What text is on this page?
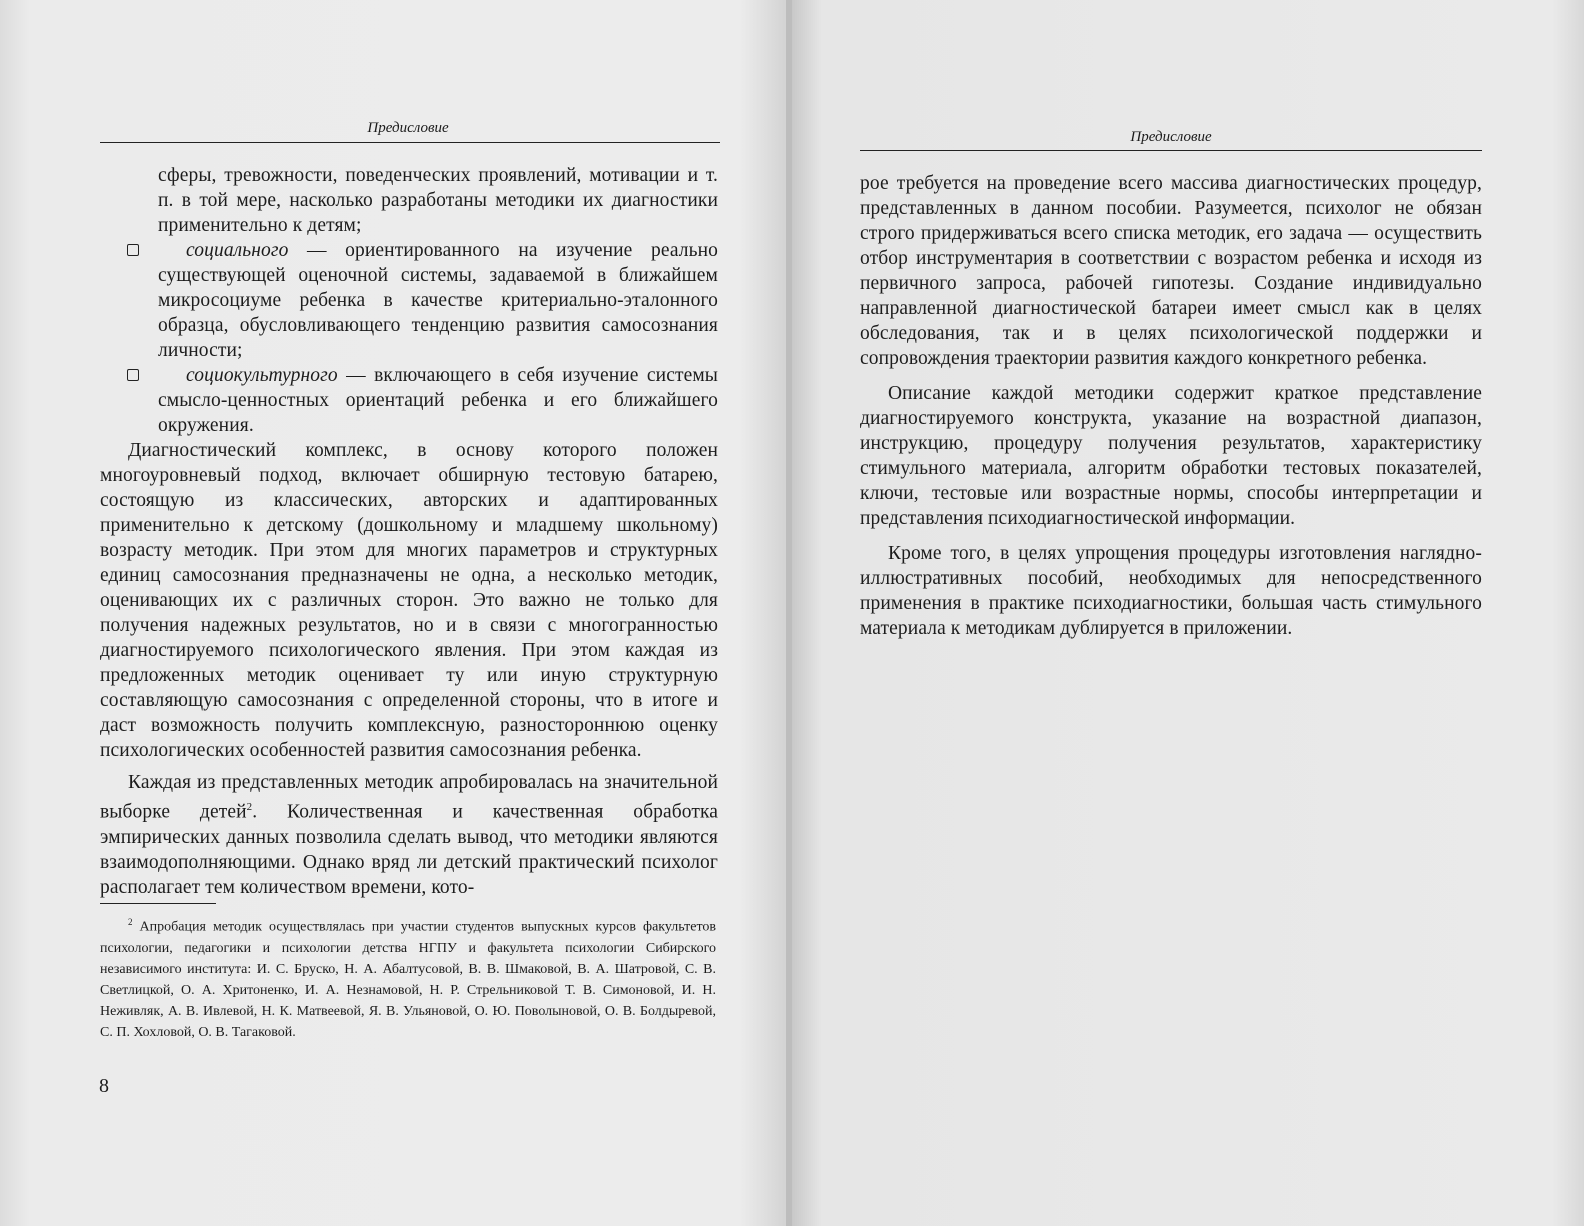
Предисловие

сферы, тревожности, поведенческих проявлений, мотивации и т. п. в той мере, насколько разработаны методики их диагностики применительно к детям;

социального — ориентированного на изучение реально существующей оценочной системы, задаваемой в ближайшем микросоциуме ребенка в качестве критериально-эталонного образца, обусловливающего тенденцию развития самосознания личности;

социокультурного — включающего в себя изучение системы смысло-ценностных ориентаций ребенка и его ближайшего окружения.

Диагностический комплекс, в основу которого положен многоуровневый подход, включает обширную тестовую батарею, состоящую из классических, авторских и адаптированных применительно к детскому (дошкольному и младшему школьному) возрасту методик. При этом для многих параметров и структурных единиц самосознания предназначены не одна, а несколько методик, оценивающих их с различных сторон. Это важно не только для получения надежных результатов, но и в связи с многогранностью диагностируемого психологического явления. При этом каждая из предложенных методик оценивает ту или иную структурную составляющую самосознания с определенной стороны, что в итоге и даст возможность получить комплексную, разностороннюю оценку психологических особенностей развития самосознания ребенка.

Каждая из представленных методик апробировалась на значительной выборке детей$^2$. Количественная и качественная обработка эмпирических данных позволила сделать вывод, что методики являются взаимодополняющими. Однако вряд ли детский практический психолог располагает тем количеством времени, кото-

$^2$ Апробация методик осуществлялась при участии студентов выпускных курсов факультетов психологии, педагогики и психологии детства НГПУ и факультета психологии Сибирского независимого института: И. С. Бруско, Н. А. Абалтусовой, В. В. Шмаковой, В. А. Шатровой, С. В. Светлицкой, О. А. Хритоненко, И. А. Незнамовой, Н. Р. Стрельниковой Т. В. Симоновой, И. Н. Неживляк, А. В. Ивлевой, Н. К. Матвеевой, Я. В. Ульяновой, О. Ю. Поволыновой, О. В. Болдыревой, С. П. Хохловой, О. В. Тагаковой.

8
Предисловие

рое требуется на проведение всего массива диагностических процедур, представленных в данном пособии. Разумеется, психолог не обязан строго придерживаться всего списка методик, его задача — осуществить отбор инструментария в соответствии с возрастом ребенка и исходя из первичного запроса, рабочей гипотезы. Создание индивидуально направленной диагностической батареи имеет смысл как в целях обследования, так и в целях психологической поддержки и сопровождения траектории развития каждого конкретного ребенка.

Описание каждой методики содержит краткое представление диагностируемого конструкта, указание на возрастной диапазон, инструкцию, процедуру получения результатов, характеристику стимульного материала, алгоритм обработки тестовых показателей, ключи, тестовые или возрастные нормы, способы интерпретации и представления психодиагностической информации.

Кроме того, в целях упрощения процедуры изготовления наглядно-иллюстративных пособий, необходимых для непосредственного применения в практике психодиагностики, большая часть стимульного материала к методикам дублируется в приложении.
